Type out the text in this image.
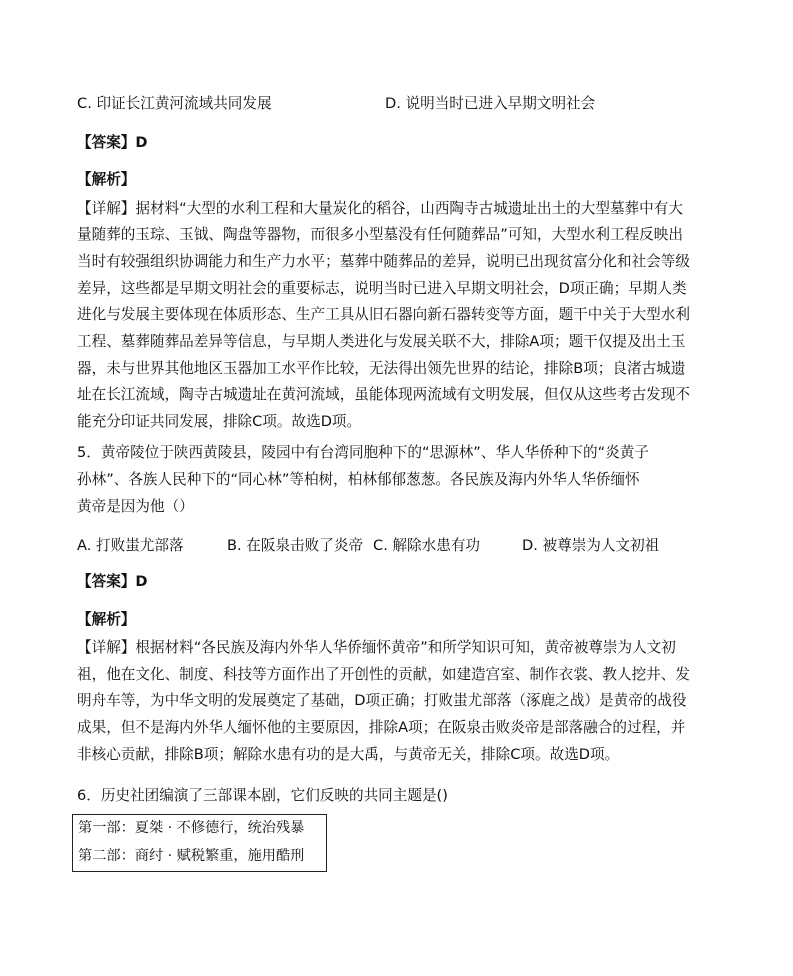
C. 印证长江黄河流域共同发展	D. 说明当时已进入早期文明社会
【答案】D
【解析】
【详解】据材料“大型的水利工程和大量炭化的稻谷，山西陶寺古城遗址出土的大型墓葬中有大
量随葬的玉琮、玉钺、陶盘等器物，而很多小型墓没有任何随葬品”可知，大型水利工程反映出
当时有较强组织协调能力和生产力水平；墓葬中随葬品的差异，说明已出现贫富分化和社会等级
差异，这些都是早期文明社会的重要标志，说明当时已进入早期文明社会，D项正确；早期人类
进化与发展主要体现在体质形态、生产工具从旧石器向新石器转变等方面，题干中关于大型水利
工程、墓葬随葬品差异等信息，与早期人类进化与发展关联不大，排除A项；题干仅提及出土玉
器，未与世界其他地区玉器加工水平作比较，无法得出领先世界的结论，排除B项；良渚古城遗
址在长江流域，陶寺古城遗址在黄河流域，虽能体现两流域有文明发展，但仅从这些考古发现不
能充分印证共同发展，排除C项。故选D项。
5．黄帝陵位于陕西黄陵县，陵园中有台湾同胞种下的“思源林”、华人华侨种下的“炎黄子
孙林”、各族人民种下的“同心林”等柏树，柏林郁郁葱葱。各民族及海内外华人华侨缅怀
黄帝是因为他（）
A. 打败蚩尤部落	B. 在阪泉击败了炎帝 C. 解除水患有功	D. 被尊崇为人文初祖
【答案】D
【解析】
【详解】根据材料“各民族及海内外华人华侨缅怀黄帝”和所学知识可知，黄帝被尊崇为人文初
祖，他在文化、制度、科技等方面作出了开创性的贡献，如建造宫室、制作衣裳、教人挖井、发
明舟车等，为中华文明的发展奠定了基础，D项正确；打败蚩尤部落（涿鹿之战）是黄帝的战役
成果，但不是海内外华人缅怀他的主要原因，排除A项；在阪泉击败炎帝是部落融合的过程，并
非核心贡献，排除B项；解除水患有功的是大禹，与黄帝无关，排除C项。故选D项。
6．历史社团编演了三部课本剧，它们反映的共同主题是()
第一部：夏桀 · 不修德行，统治残暴
第二部：商纣 · 赋税繁重，施用酷刑
